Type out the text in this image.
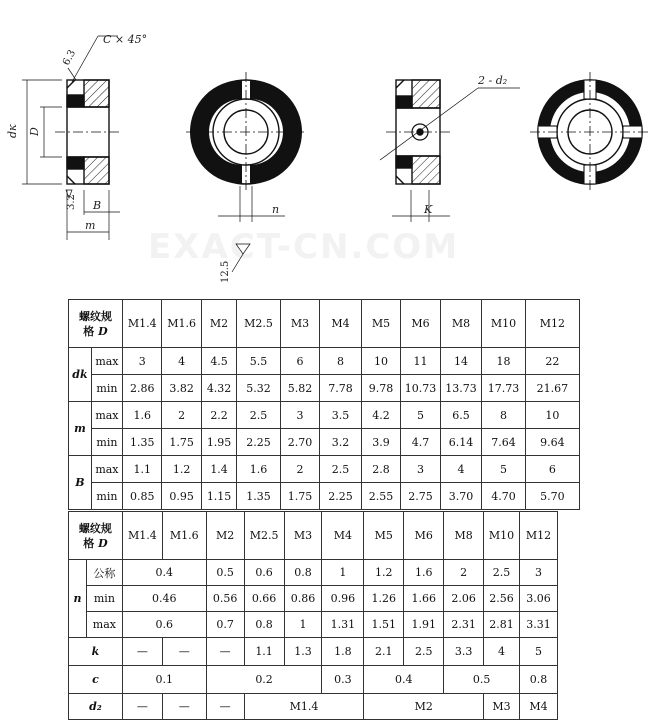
EXACT-CN.COM
C × 45°
6.3
3.2
dк D
B
m
n
12.5
2 - d₂
K
螺纹规
格 D		M1.4	M1.6	M2	M2.5	M3	M4	M5	M6	M8	M10	M12
dk	max	3	4	4.5	5.5	6	8	10	11	14	18	22
	min	2.86	3.82	4.32	5.32	5.82	7.78	9.78	10.73	13.73	17.73	21.67
m	max	1.6	2	2.2	2.5	3	3.5	4.2	5	6.5	8	10
	min	1.35	1.75	1.95	2.25	2.70	3.2	3.9	4.7	6.14	7.64	9.64
B	max	1.1	1.2	1.4	1.6	2	2.5	2.8	3	4	5	6
	min	0.85	0.95	1.15	1.35	1.75	2.25	2.55	2.75	3.70	4.70	5.70
螺纹规
格 D		M1.4	M1.6	M2	M2.5	M3	M4	M5	M6	M8	M10	M12
n	公称	0.4		0.5	0.6	0.8	1	1.2	1.6	2	2.5	3
	min	0.46		0.56	0.66	0.86	0.96	1.26	1.66	2.06	2.56	3.06
	max	0.6		0.7	0.8	1	1.31	1.51	1.91	2.31	2.81	3.31
k		—	—	—	1.1	1.3	1.8	2.1	2.5	3.3	4	5
c		0.1		0.2			0.3	0.4		0.5		0.8
d₂		—	—	—	M1.4			M2			M3	M4
